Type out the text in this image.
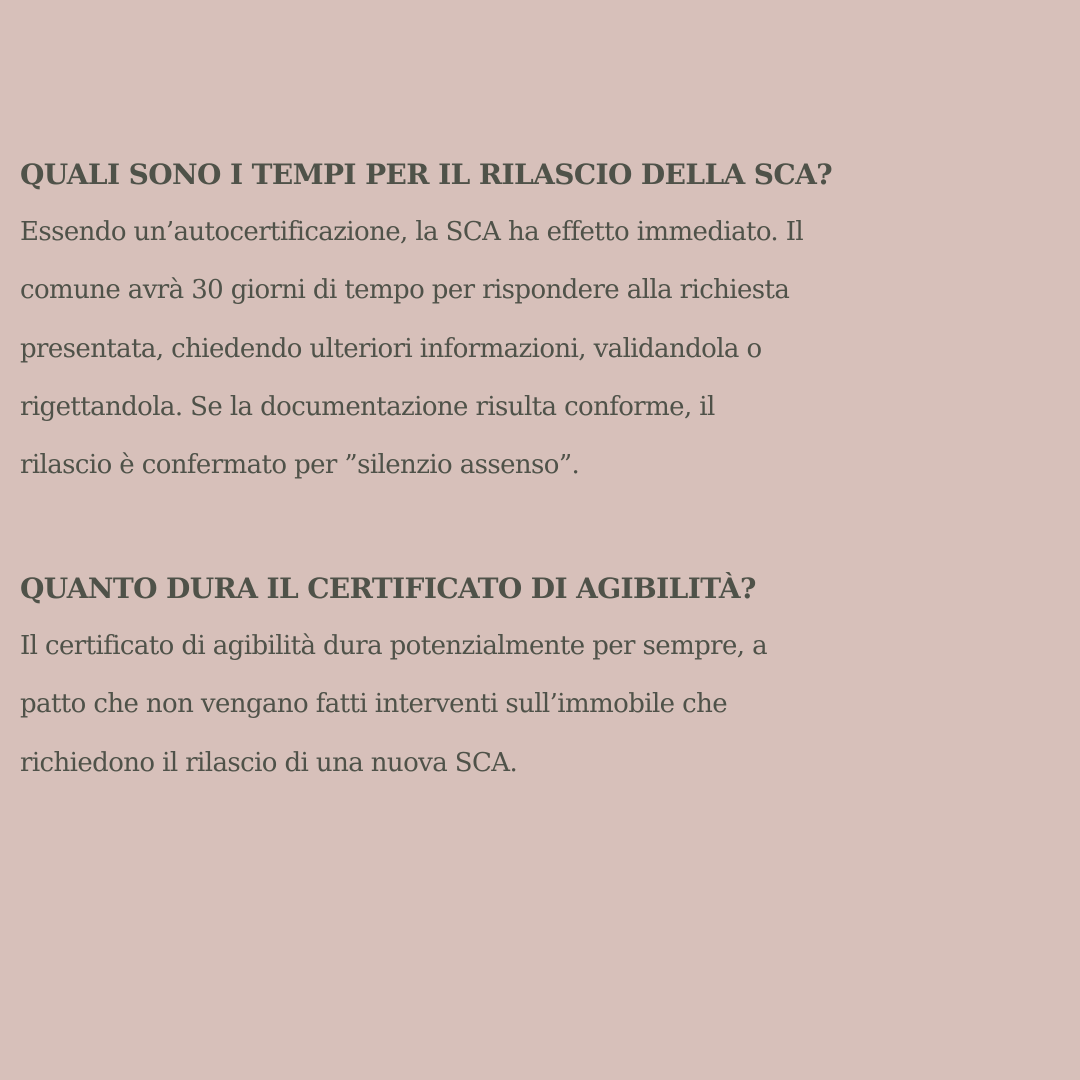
QUALI SONO I TEMPI PER IL RILASCIO DELLA SCA?

Essendo un’autocertificazione, la SCA ha effetto immediato. Il
comune avrà 30 giorni di tempo per rispondere alla richiesta
presentata, chiedendo ulteriori informazioni, validandola o
rigettandola. Se la documentazione risulta conforme, il
rilascio è confermato per ”silenzio assenso”.

QUANTO DURA IL CERTIFICATO DI AGIBILITÀ?

Il certificato di agibilità dura potenzialmente per sempre, a
patto che non vengano fatti interventi sull’immobile che
richiedono il rilascio di una nuova SCA.
